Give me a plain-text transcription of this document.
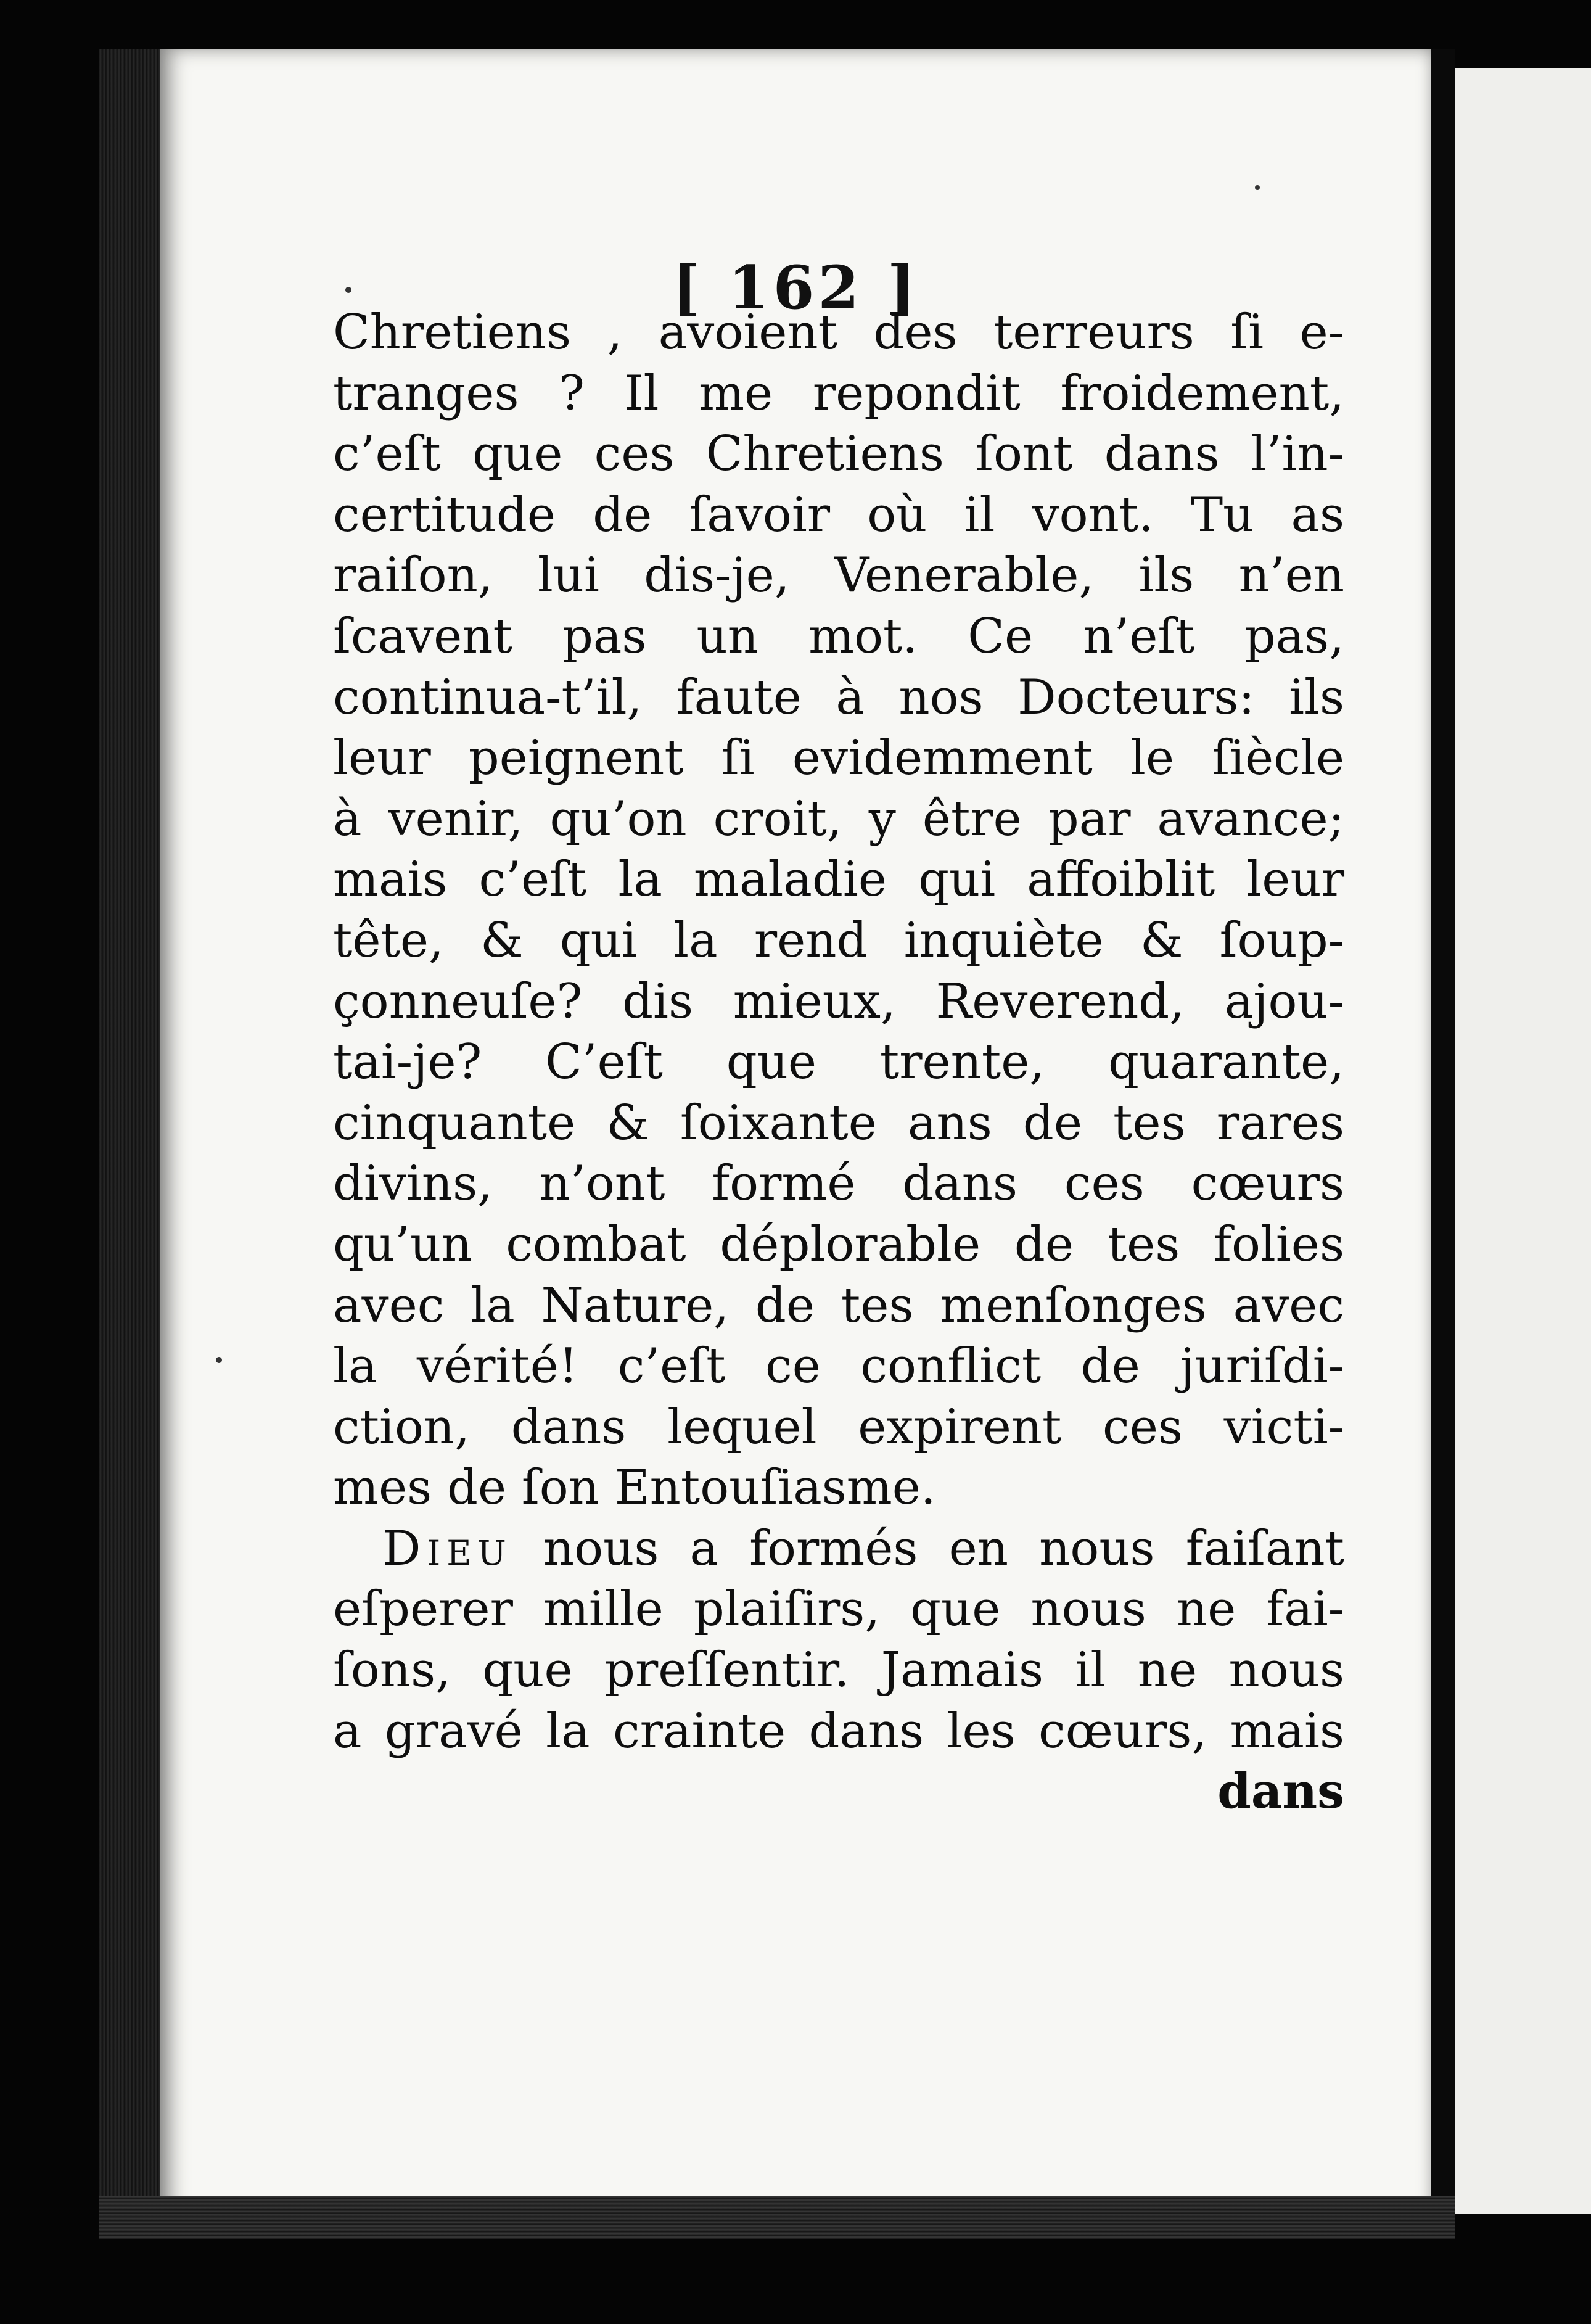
[ 162 ]
Chretiens , avoient des terreurs ſi e-
tranges ? Il me repondit froidement,
c’eſt que ces Chretiens ſont dans l’in-
certitude de ſavoir où il vont. Tu as
raiſon, lui dis-je, Venerable, ils n’en
ſcavent pas un mot. Ce n’eſt pas,
continua-t’il, faute à nos Docteurs: ils
leur peignent ſi evidemment le ſiècle
à venir, qu’on croit, y être par avance;
mais c’eſt la maladie qui affoiblit leur
tête, & qui la rend inquiète & ſoup-
çonneuſe? dis mieux, Reverend, ajou-
tai-je? C’eſt que trente, quarante,
cinquante & ſoixante ans de tes rares
divins, n’ont formé dans ces cœurs
qu’un combat déplorable de tes folies
avec la Nature, de tes menſonges avec
la vérité! c’eſt ce conflict de juriſdi-
ction, dans lequel expirent ces victi-
mes de ſon Entouſiasme.
Dieu nous a formés en nous faiſant
eſperer mille plaiſirs, que nous ne fai-
ſons, que preſſentir. Jamais il ne nous
a gravé la crainte dans les cœurs, mais
dans
